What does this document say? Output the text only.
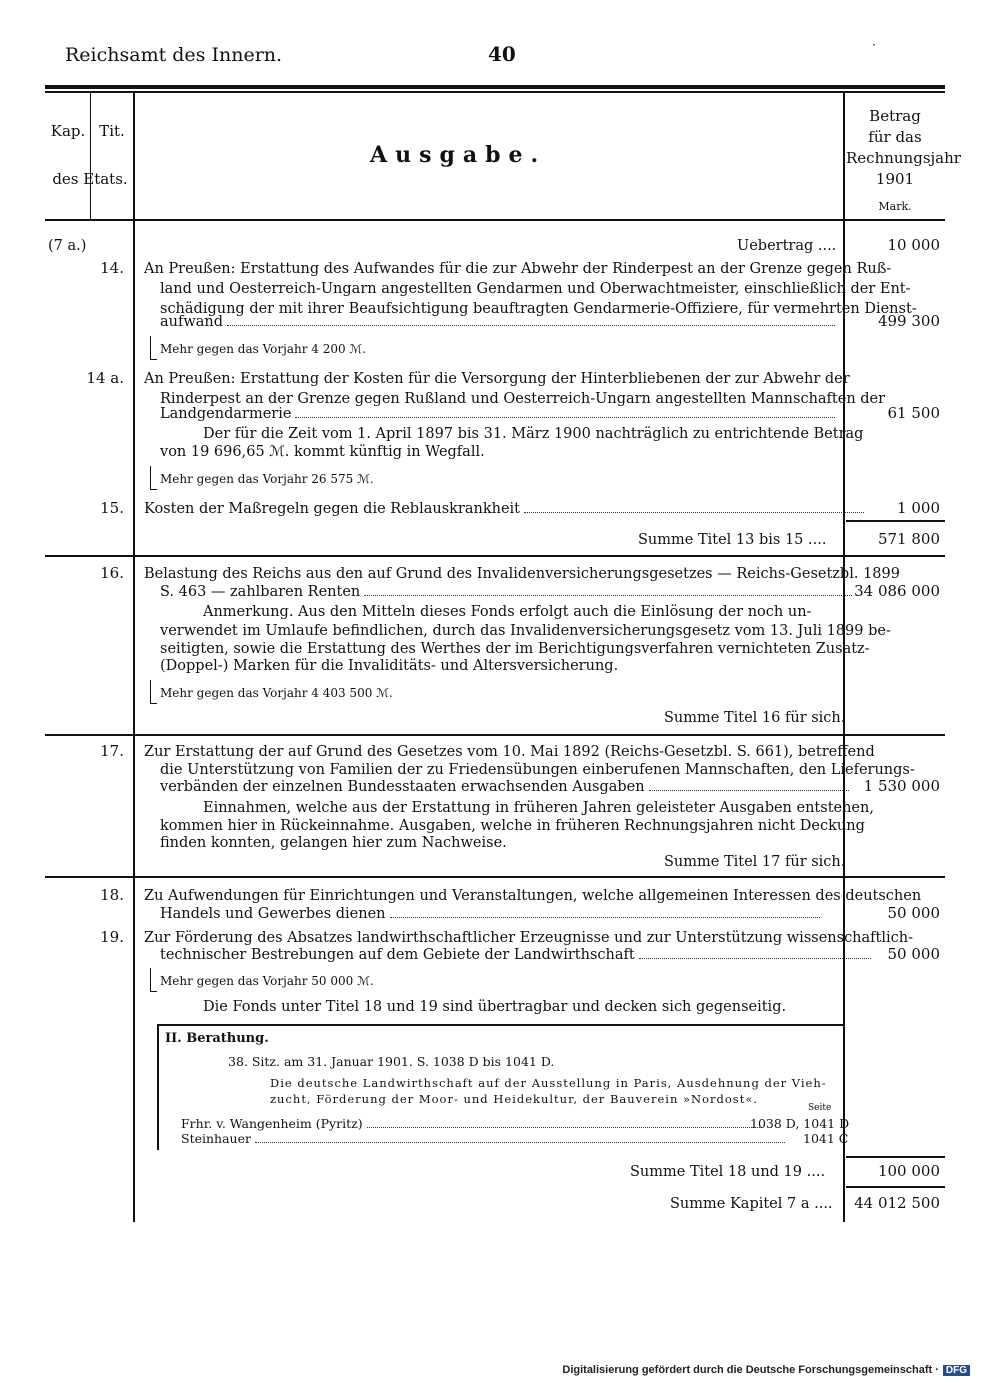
Reichsamt des Innern.	40	·
Kap. Tit.
des Etats.
Ausgabe.
Betrag
für das
Rechnungsjahr
1901
Mark.
(7 a.)	Uebertrag ....	10 000
14. An Preußen: Erstattung des Aufwandes für die zur Abwehr der Rinderpest an der Grenze gegen Ruß-
land und Oesterreich-Ungarn angestellten Gendarmen und Oberwachtmeister, einschließlich der Ent-
schädigung der mit ihrer Beaufsichtigung beauftragten Gendarmerie-Offiziere, für vermehrten Dienst-
aufwand	499 300
Mehr gegen das Vorjahr 4 200 ℳ.
14 a. An Preußen: Erstattung der Kosten für die Versorgung der Hinterbliebenen der zur Abwehr der
Rinderpest an der Grenze gegen Rußland und Oesterreich-Ungarn angestellten Mannschaften der
Landgendarmerie	61 500
Der für die Zeit vom 1. April 1897 bis 31. März 1900 nachträglich zu entrichtende Betrag
von 19 696,65 ℳ. kommt künftig in Wegfall.
Mehr gegen das Vorjahr 26 575 ℳ.
15. Kosten der Maßregeln gegen die Reblauskrankheit	1 000
Summe Titel 13 bis 15 ....	571 800
16. Belastung des Reichs aus den auf Grund des Invalidenversicherungsgesetzes — Reichs-Gesetzbl. 1899
S. 463 — zahlbaren Renten	34 086 000
Anmerkung. Aus den Mitteln dieses Fonds erfolgt auch die Einlösung der noch un-
verwendet im Umlaufe befindlichen, durch das Invalidenversicherungsgesetz vom 13. Juli 1899 be-
seitigten, sowie die Erstattung des Werthes der im Berichtigungsverfahren vernichteten Zusatz-
(Doppel-) Marken für die Invaliditäts- und Altersversicherung.
Mehr gegen das Vorjahr 4 403 500 ℳ.
Summe Titel 16 für sich.
17. Zur Erstattung der auf Grund des Gesetzes vom 10. Mai 1892 (Reichs-Gesetzbl. S. 661), betreffend
die Unterstützung von Familien der zu Friedensübungen einberufenen Mannschaften, den Lieferungs-
verbänden der einzelnen Bundesstaaten erwachsenden Ausgaben	1 530 000
Einnahmen, welche aus der Erstattung in früheren Jahren geleisteter Ausgaben entstehen,
kommen hier in Rückeinnahme. Ausgaben, welche in früheren Rechnungsjahren nicht Deckung
finden konnten, gelangen hier zum Nachweise.
Summe Titel 17 für sich.
18. Zu Aufwendungen für Einrichtungen und Veranstaltungen, welche allgemeinen Interessen des deutschen
Handels und Gewerbes dienen	50 000
19. Zur Förderung des Absatzes landwirthschaftlicher Erzeugnisse und zur Unterstützung wissenschaftlich-
technischer Bestrebungen auf dem Gebiete der Landwirthschaft	50 000
Mehr gegen das Vorjahr 50 000 ℳ.
Die Fonds unter Titel 18 und 19 sind übertragbar und decken sich gegenseitig.
II. Berathung.
38. Sitz. am 31. Januar 1901. S. 1038 D bis 1041 D.
Die deutsche Landwirthschaft auf der Ausstellung in Paris, Ausdehnung der Vieh-
zucht, Förderung der Moor- und Heidekultur, der Bauverein »Nordost«.
Seite
Frhr. v. Wangenheim (Pyritz)	1038 D, 1041 D
Steinhauer	1041 C
Summe Titel 18 und 19 ....	100 000
Summe Kapitel 7 a ....	44 012 500
Digitalisierung gefördert durch die Deutsche Forschungsgemeinschaft · DFG
